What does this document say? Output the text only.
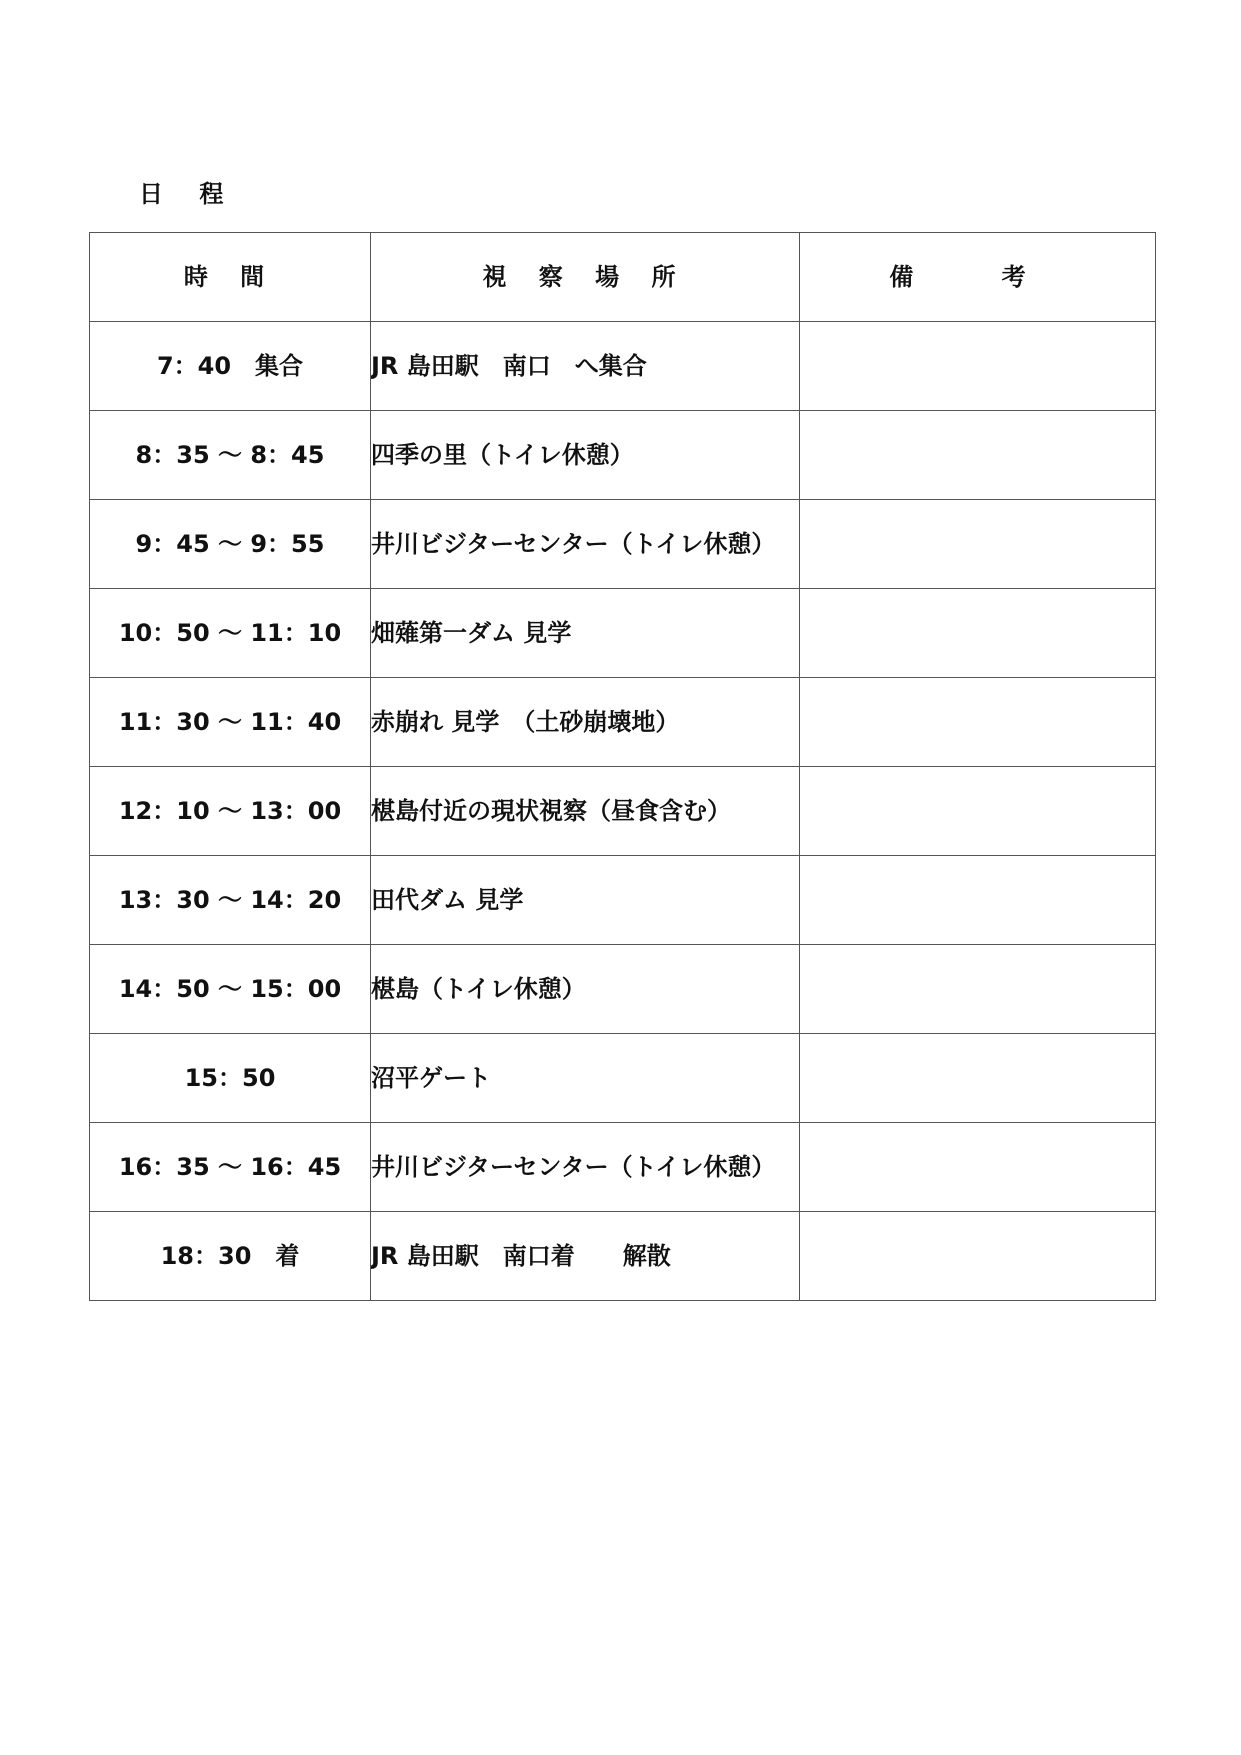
日 程
時 間	視 察 場 所	備 考
7：40　集合	JR 島田駅　南口　へ集合	
8：35 ～ 8：45	四季の里（トイレ休憩）	
9：45 ～ 9：55	井川ビジターセンター（トイレ休憩）	
10：50 ～ 11：10	畑薙第一ダム 見学	
11：30 ～ 11：40	赤崩れ 見学　（土砂崩壊地）	
12：10 ～ 13：00	椹島付近の現状視察（昼食含む）	
13：30 ～ 14：20	田代ダム 見学	
14：50 ～ 15：00	椹島（トイレ休憩）	
15：50	沼平ゲート	
16：35 ～ 16：45	井川ビジターセンター（トイレ休憩）	
18：30　着	JR 島田駅　南口着　　解散	
